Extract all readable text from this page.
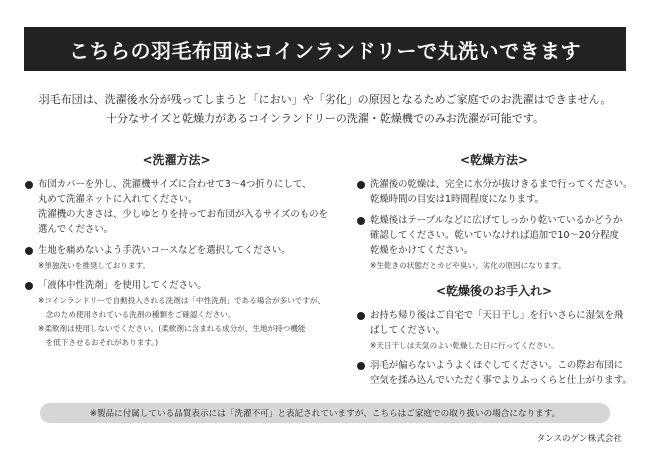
こちらの羽毛布団はコインランドリーで丸洗いできます
羽毛布団は、洗濯後水分が残ってしまうと「におい」や「劣化」の原因となるためご家庭でのお洗濯はできません。
十分なサイズと乾燥力があるコインランドリーの洗濯・乾燥機でのみお洗濯が可能です。
<洗濯方法>
布団カバーを外し、洗濯機サイズに合わせて3〜4つ折りにして、
丸めて洗濯ネットに入れてください。
洗濯機の大きさは、少しゆとりを持ってお布団が入るサイズのものを
選んでください。
生地を痛めないよう手洗いコースなどを選択してください。
※単独洗いを推奨しております。
「液体中性洗剤」を使用してください。
※コインランドリーで自動投入される洗剤は「中性洗剤」である場合が多いですが、
　念のため使用されている洗剤の種類をご確認ください。
※柔軟剤は使用しないでください。(柔軟剤に含まれる成分が、生地が持つ機能
　を低下させるおそれがあります。)
<乾燥方法>
洗濯後の乾燥は、完全に水分が抜けきるまで行ってください。
乾燥時間の目安は1時間程度になります。
乾燥後はテーブルなどに広げてしっかり乾いているかどうか
確認してください。乾いていなければ追加で10〜20分程度
乾燥をかけてください。
※生乾きの状態だとカビや臭い、劣化の原因になります。
<乾燥後のお手入れ>
お持ち帰り後はご自宅で「天日干し」を行いさらに湿気を飛
ばしてください。
※天日干しは天気のよい乾燥した日に行ってください。
羽毛が偏らないようよくほぐしてください。この際お布団に
空気を揉み込んでいただく事でよりふっくらと仕上がります。
※製品に付属している品質表示には「洗濯不可」と表記されていますが、こちらはご家庭での取り扱いの場合になります。
タンスのゲン株式会社
